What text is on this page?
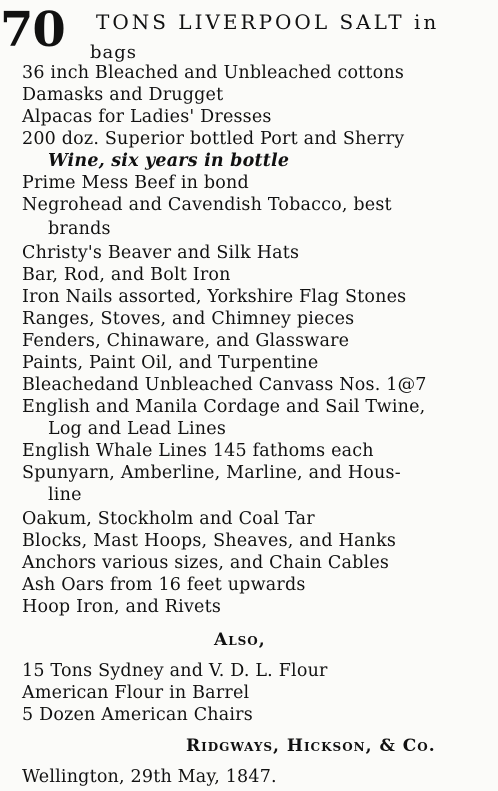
70 TONS LIVERPOOL SALT in
bags
36 inch Bleached and Unbleached cottons
Damasks and Drugget
Alpacas for Ladies' Dresses
200 doz. Superior bottled Port and Sherry
Wine, six years in bottle
Prime Mess Beef in bond
Negrohead and Cavendish Tobacco, best
brands
Christy's Beaver and Silk Hats
Bar, Rod, and Bolt Iron
Iron Nails assorted, Yorkshire Flag Stones
Ranges, Stoves, and Chimney pieces
Fenders, Chinaware, and Glassware
Paints, Paint Oil, and Turpentine
Bleachedand Unbleached Canvass Nos. 1@7
English and Manila Cordage and Sail Twine,
Log and Lead Lines
English Whale Lines 145 fathoms each
Spunyarn, Amberline, Marline, and Hous-
line
Oakum, Stockholm and Coal Tar
Blocks, Mast Hoops, Sheaves, and Hanks
Anchors various sizes, and Chain Cables
Ash Oars from 16 feet upwards
Hoop Iron, and Rivets
Also,
15 Tons Sydney and V. D. L. Flour
American Flour in Barrel
5 Dozen American Chairs
Ridgways, Hickson, & Co.
Wellington, 29th May, 1847.
